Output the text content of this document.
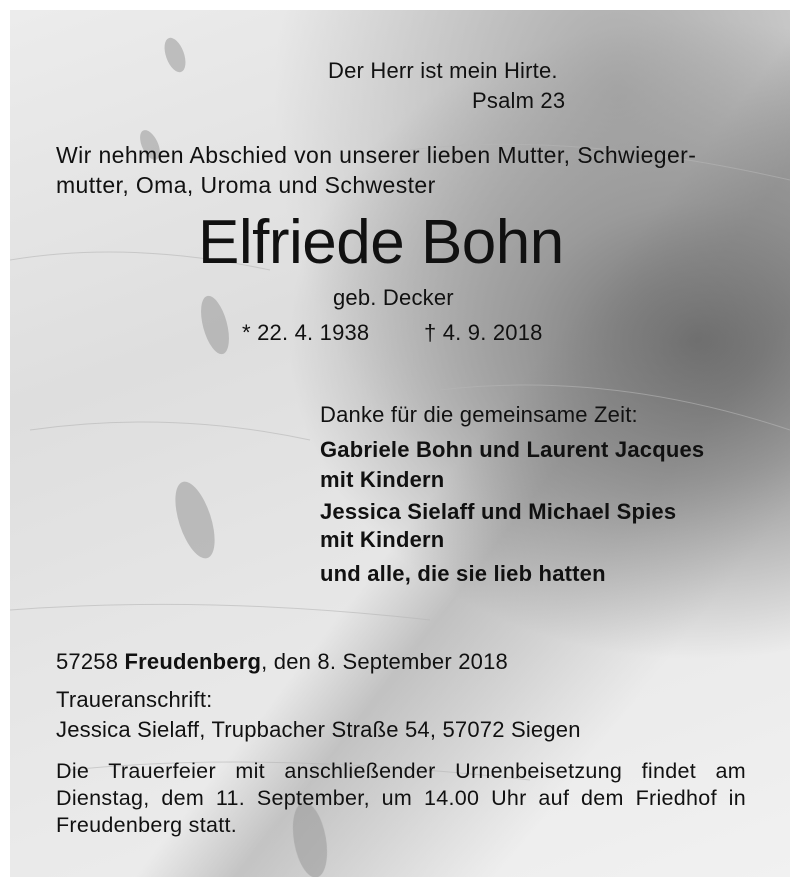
Der Herr ist mein Hirte.
Psalm 23
Wir nehmen Abschied von unserer lieben Mutter, Schwieger-
mutter, Oma, Uroma und Schwester
Elfriede Bohn
geb. Decker
* 22. 4. 1938 † 4. 9. 2018
Danke für die gemeinsame Zeit:
Gabriele Bohn und Laurent Jacques
mit Kindern
Jessica Sielaff und Michael Spies
mit Kindern
und alle, die sie lieb hatten
57258 Freudenberg, den 8. September 2018
Traueranschrift:
Jessica Sielaff, Trupbacher Straße 54, 57072 Siegen
Die Trauerfeier mit anschließender Urnenbeisetzung findet am Dienstag, dem 11. September, um 14.00 Uhr auf dem Friedhof in Freudenberg statt.
